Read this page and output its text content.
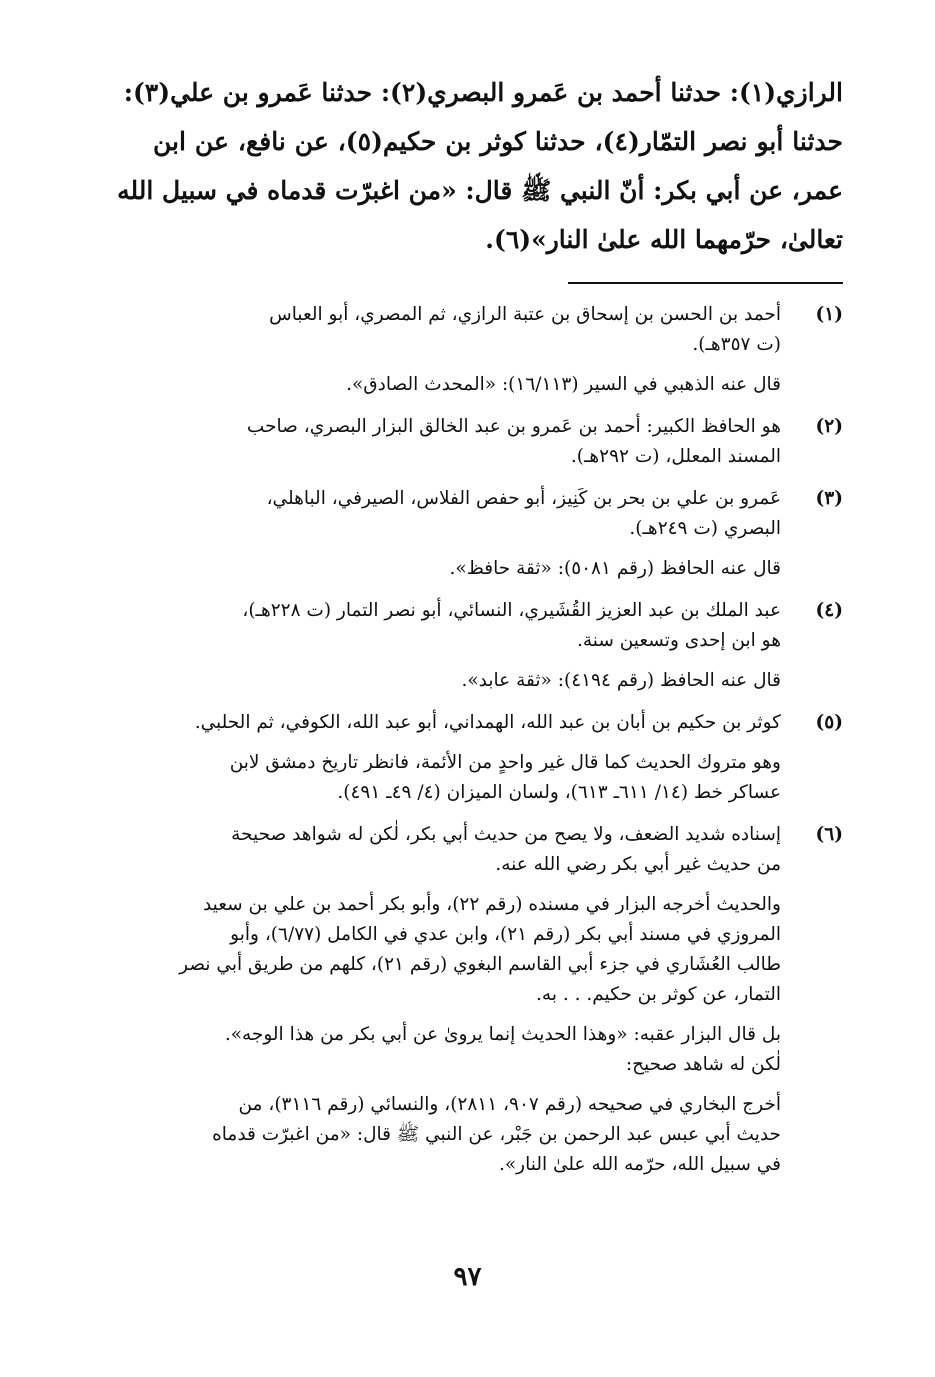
الرازي(١): حدثنا أحمد بن عَمرو البصري(٢): حدثنا عَمرو بن علي(٣):
حدثنا أبو نصر التمّار(٤)، حدثنا كوثر بن حكيم(٥)، عن نافع، عن ابن
عمر، عن أبي بكر: أنّ النبي ﷺ قال: «من اغبرّت قدماه في سبيل الله
تعالىٰ، حرّمهما الله علىٰ النار»(٦).
(١)
أحمد بن الحسن بن إسحاق بن عتبة الرازي، ثم المصري، أبو العباس
(ت ٣٥٧هـ).
قال عنه الذهبي في السير (١٦/١١٣): «المحدث الصادق».
(٢)
هو الحافظ الكبير: أحمد بن عَمرو بن عبد الخالق البزار البصري، صاحب
المسند المعلل، (ت ٢٩٢هـ).
(٣)
عَمرو بن علي بن بحر بن كَنِيز، أبو حفص الفلاس، الصيرفي، الباهلي،
البصري (ت ٢٤٩هـ).
قال عنه الحافظ (رقم ٥٠٨١): «ثقة حافظ».
(٤)
عبد الملك بن عبد العزيز القُشَيري، النسائي، أبو نصر التمار (ت ٢٢٨هـ)،
هو ابن إحدى وتسعين سنة.
قال عنه الحافظ (رقم ٤١٩٤): «ثقة عابد».
(٥)
كوثر بن حكيم بن أبان بن عبد الله، الهمداني، أبو عبد الله، الكوفي، ثم الحلبي.
وهو متروك الحديث كما قال غير واحدٍ من الأئمة، فانظر تاريخ دمشق لابن
عساكر خط (١٤/ ٦١١ـ ٦١٣)، ولسان الميزان (٤/ ٤٩ـ ٤٩١).
(٦)
إسناده شديد الضعف، ولا يصح من حديث أبي بكر، لٰكن له شواهد صحيحة
من حديث غير أبي بكر رضي الله عنه.
والحديث أخرجه البزار في مسنده (رقم ٢٢)، وأبو بكر أحمد بن علي بن سعيد
المروزي في مسند أبي بكر (رقم ٢١)، وابن عدي في الكامل (٦/٧٧)، وأبو
طالب العُشَاري في جزء أبي القاسم البغوي (رقم ٢١)، كلهم من طريق أبي نصر
التمار، عن كوثر بن حكيم. . . به.
بل قال البزار عقبه: «وهذا الحديث إنما يروىٰ عن أبي بكر من هذا الوجه».
لٰكن له شاهد صحيح:
أخرج البخاري في صحيحه (رقم ٩٠٧، ٢٨١١)، والنسائي (رقم ٣١١٦)، من
حديث أبي عبس عبد الرحمن بن جَبْر، عن النبي ﷺ قال: «من اغبرّت قدماه
في سبيل الله، حرّمه الله علىٰ النار».
٩٧
